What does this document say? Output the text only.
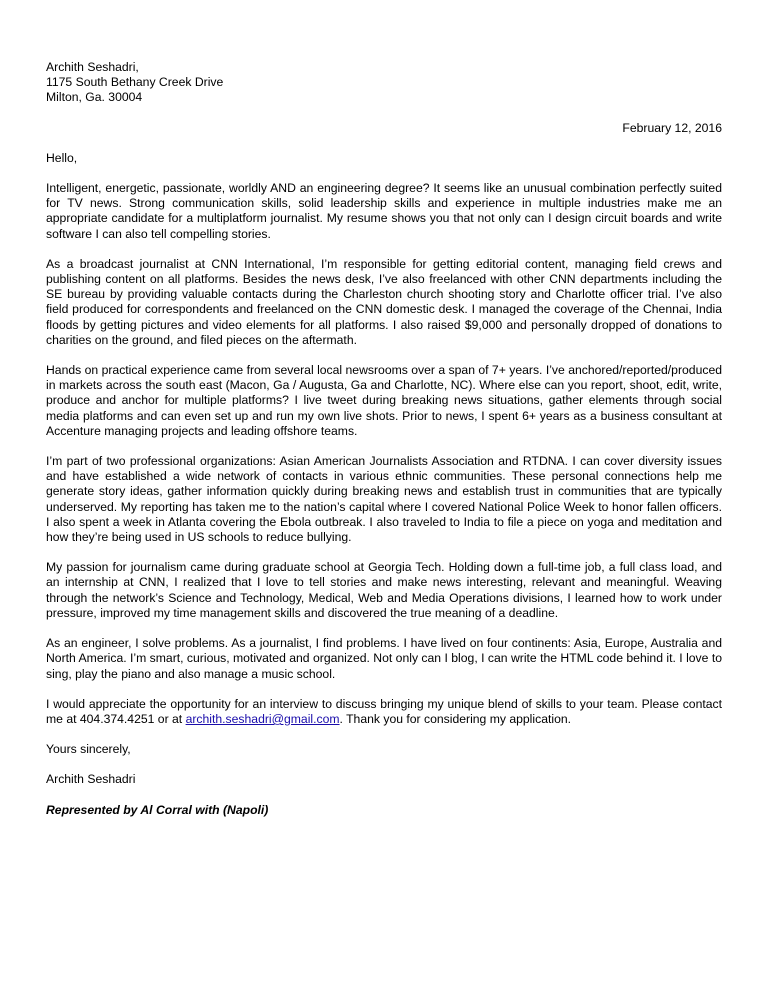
Archith Seshadri,
1175 South Bethany Creek Drive
Milton, Ga. 30004
February 12, 2016
Hello,

Intelligent, energetic, passionate, worldly AND an engineering degree? It seems like an unusual combination perfectly suited for TV news. Strong communication skills, solid leadership skills and experience in multiple industries make me an appropriate candidate for a multiplatform journalist. My resume shows you that not only can I design circuit boards and write software I can also tell compelling stories.

As a broadcast journalist at CNN International, I’m responsible for getting editorial content, managing field crews and publishing content on all platforms. Besides the news desk, I’ve also freelanced with other CNN departments including the SE bureau by providing valuable contacts during the Charleston church shooting story and Charlotte officer trial. I’ve also field produced for correspondents and freelanced on the CNN domestic desk. I managed the coverage of the Chennai, India floods by getting pictures and video elements for all platforms. I also raised $9,000 and personally dropped of donations to charities on the ground, and filed pieces on the aftermath.

Hands on practical experience came from several local newsrooms over a span of 7+ years. I’ve anchored/reported/produced in markets across the south east (Macon, Ga / Augusta, Ga and Charlotte, NC). Where else can you report, shoot, edit, write, produce and anchor for multiple platforms? I live tweet during breaking news situations, gather elements through social media platforms and can even set up and run my own live shots. Prior to news, I spent 6+ years as a business consultant at Accenture managing projects and leading offshore teams.

I’m part of two professional organizations: Asian American Journalists Association and RTDNA. I can cover diversity issues and have established a wide network of contacts in various ethnic communities. These personal connections help me generate story ideas, gather information quickly during breaking news and establish trust in communities that are typically underserved. My reporting has taken me to the nation’s capital where I covered National Police Week to honor fallen officers. I also spent a week in Atlanta covering the Ebola outbreak. I also traveled to India to file a piece on yoga and meditation and how they’re being used in US schools to reduce bullying.

My passion for journalism came during graduate school at Georgia Tech. Holding down a full-time job, a full class load, and an internship at CNN, I realized that I love to tell stories and make news interesting, relevant and meaningful. Weaving through the network’s Science and Technology, Medical, Web and Media Operations divisions, I learned how to work under pressure, improved my time management skills and discovered the true meaning of a deadline.

As an engineer, I solve problems. As a journalist, I find problems. I have lived on four continents: Asia, Europe, Australia and North America. I’m smart, curious, motivated and organized. Not only can I blog, I can write the HTML code behind it. I love to sing, play the piano and also manage a music school.

I would appreciate the opportunity for an interview to discuss bringing my unique blend of skills to your team. Please contact me at 404.374.4251 or at archith.seshadri@gmail.com. Thank you for considering my application.

Yours sincerely,
Archith Seshadri
Represented by Al Corral with (Napoli)
